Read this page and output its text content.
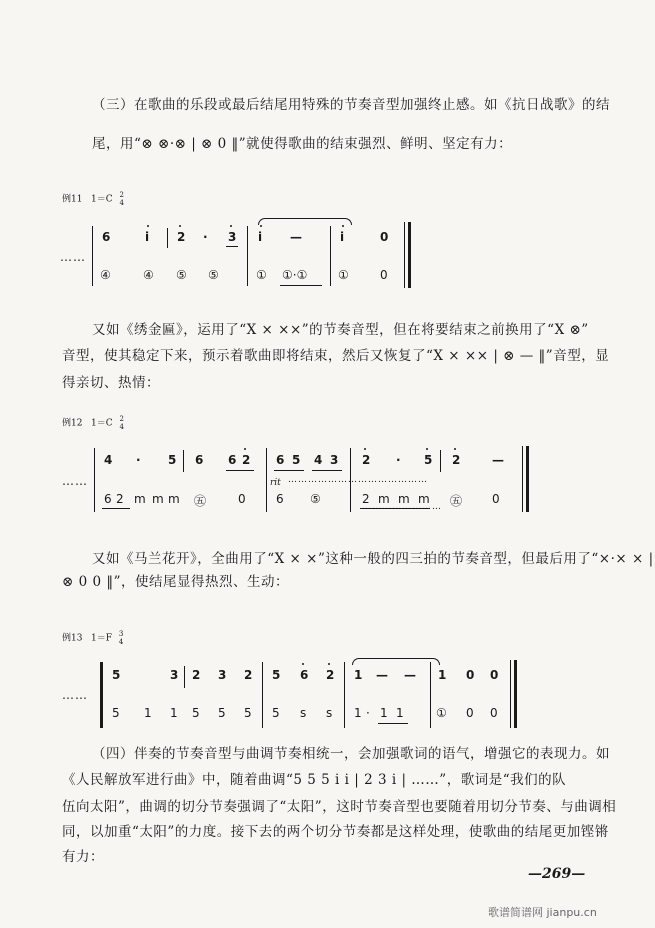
（三）在歌曲的乐段或最后结尾用特殊的节奏音型加强终止感。如《抗日战歌》的结
尾，用“⊗ ⊗·⊗ | ⊗ 0 ‖”就使得歌曲的结束强烈、鲜明、坚定有力：
例11 1＝C 2
4
……
6	i 2 · 3 i —	i	0
④	④ ⑤ ⑤	① ①·①	①	0
又如《绣金匾》，运用了“X × ××”的节奏音型，但在将要结束之前换用了“X ⊗”
音型，使其稳定下来，预示着歌曲即将结束，然后又恢复了“X × ×× | ⊗ — ‖”音型，显
得亲切、热情：
例12 1＝C 2
4
……
4 · 5 6 6 2 6 5 4 3 2 · 5 2	—
rit ……………………………………
6 2 m m m ㊄	0	6 ⑤	2 m m m ㊄ 0
……………………
又如《马兰花开》，全曲用了“X × ×”这种一般的四三拍的节奏音型，但最后用了“×·× × |
⊗ 0 0 ‖”，使结尾显得热烈、生动：
例13 1＝F 3
4
……
5	3 2 3 2 5 6 2 1 — — 1 0 0
5 1 1 5 5 5 5 s s 1 · 1 1	① 0 0
（四）伴奏的节奏音型与曲调节奏相统一，会加强歌词的语气，增强它的表现力。如
《人民解放军进行曲》中，随着曲调“5 5 5 i i | 2 3 i | ……”，歌词是“我们的队
伍向太阳”，曲调的切分节奏强调了“太阳”，这时节奏音型也要随着用切分节奏、与曲调相
同，以加重“太阳”的力度。接下去的两个切分节奏都是这样处理，使歌曲的结尾更加铿锵
有力：
—269—
歌谱简谱网 jianpu.cn
